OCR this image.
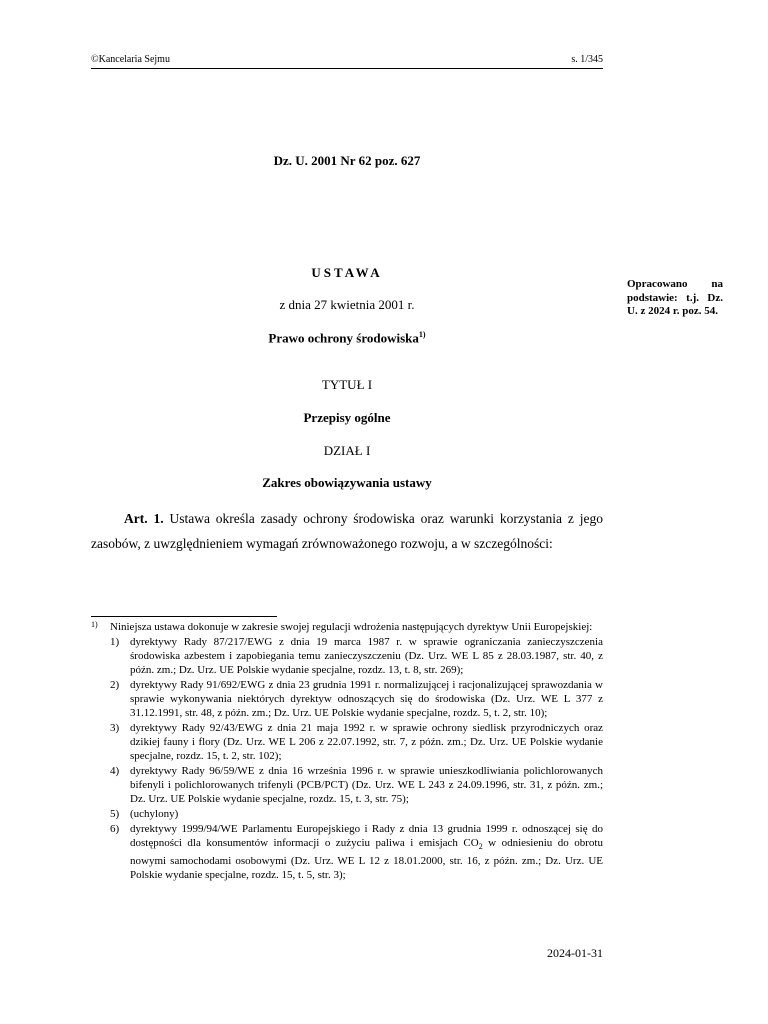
©Kancelaria Sejmu	s. 1/345
Dz. U. 2001 Nr 62 poz. 627
Opracowano na podstawie: t.j. Dz. U. z 2024 r. poz. 54.
USTAWA
z dnia 27 kwietnia 2001 r.
Prawo ochrony środowiska$^{1)}$
TYTUŁ I
Przepisy ogólne
DZIAŁ I
Zakres obowiązywania ustawy
Art. 1. Ustawa określa zasady ochrony środowiska oraz warunki korzystania z jego zasobów, z uwzględnieniem wymagań zrównoważonego rozwoju, a w szczególności:
1) Niniejsza ustawa dokonuje w zakresie swojej regulacji wdrożenia następujących dyrektyw Unii Europejskiej:
1) dyrektywy Rady 87/217/EWG z dnia 19 marca 1987 r. w sprawie ograniczania zanieczyszczenia środowiska azbestem i zapobiegania temu zanieczyszczeniu (Dz. Urz. WE L 85 z 28.03.1987, str. 40, z późn. zm.; Dz. Urz. UE Polskie wydanie specjalne, rozdz. 13, t. 8, str. 269);
2) dyrektywy Rady 91/692/EWG z dnia 23 grudnia 1991 r. normalizującej i racjonalizującej sprawozdania w sprawie wykonywania niektórych dyrektyw odnoszących się do środowiska (Dz. Urz. WE L 377 z 31.12.1991, str. 48, z późn. zm.; Dz. Urz. UE Polskie wydanie specjalne, rozdz. 5, t. 2, str. 10);
3) dyrektywy Rady 92/43/EWG z dnia 21 maja 1992 r. w sprawie ochrony siedlisk przyrodniczych oraz dzikiej fauny i flory (Dz. Urz. WE L 206 z 22.07.1992, str. 7, z późn. zm.; Dz. Urz. UE Polskie wydanie specjalne, rozdz. 15, t. 2, str. 102);
4) dyrektywy Rady 96/59/WE z dnia 16 września 1996 r. w sprawie unieszkodliwiania polichlorowanych bifenyli i polichlorowanych trifenyli (PCB/PCT) (Dz. Urz. WE L 243 z 24.09.1996, str. 31, z późn. zm.; Dz. Urz. UE Polskie wydanie specjalne, rozdz. 15, t. 3, str. 75);
5) (uchylony)
6) dyrektywy 1999/94/WE Parlamentu Europejskiego i Rady z dnia 13 grudnia 1999 r. odnoszącej się do dostępności dla konsumentów informacji o zużyciu paliwa i emisjach $CO_2$ w odniesieniu do obrotu nowymi samochodami osobowymi (Dz. Urz. WE L 12 z 18.01.2000, str. 16, z późn. zm.; Dz. Urz. UE Polskie wydanie specjalne, rozdz. 15, t. 5, str. 3);
2024-01-31
